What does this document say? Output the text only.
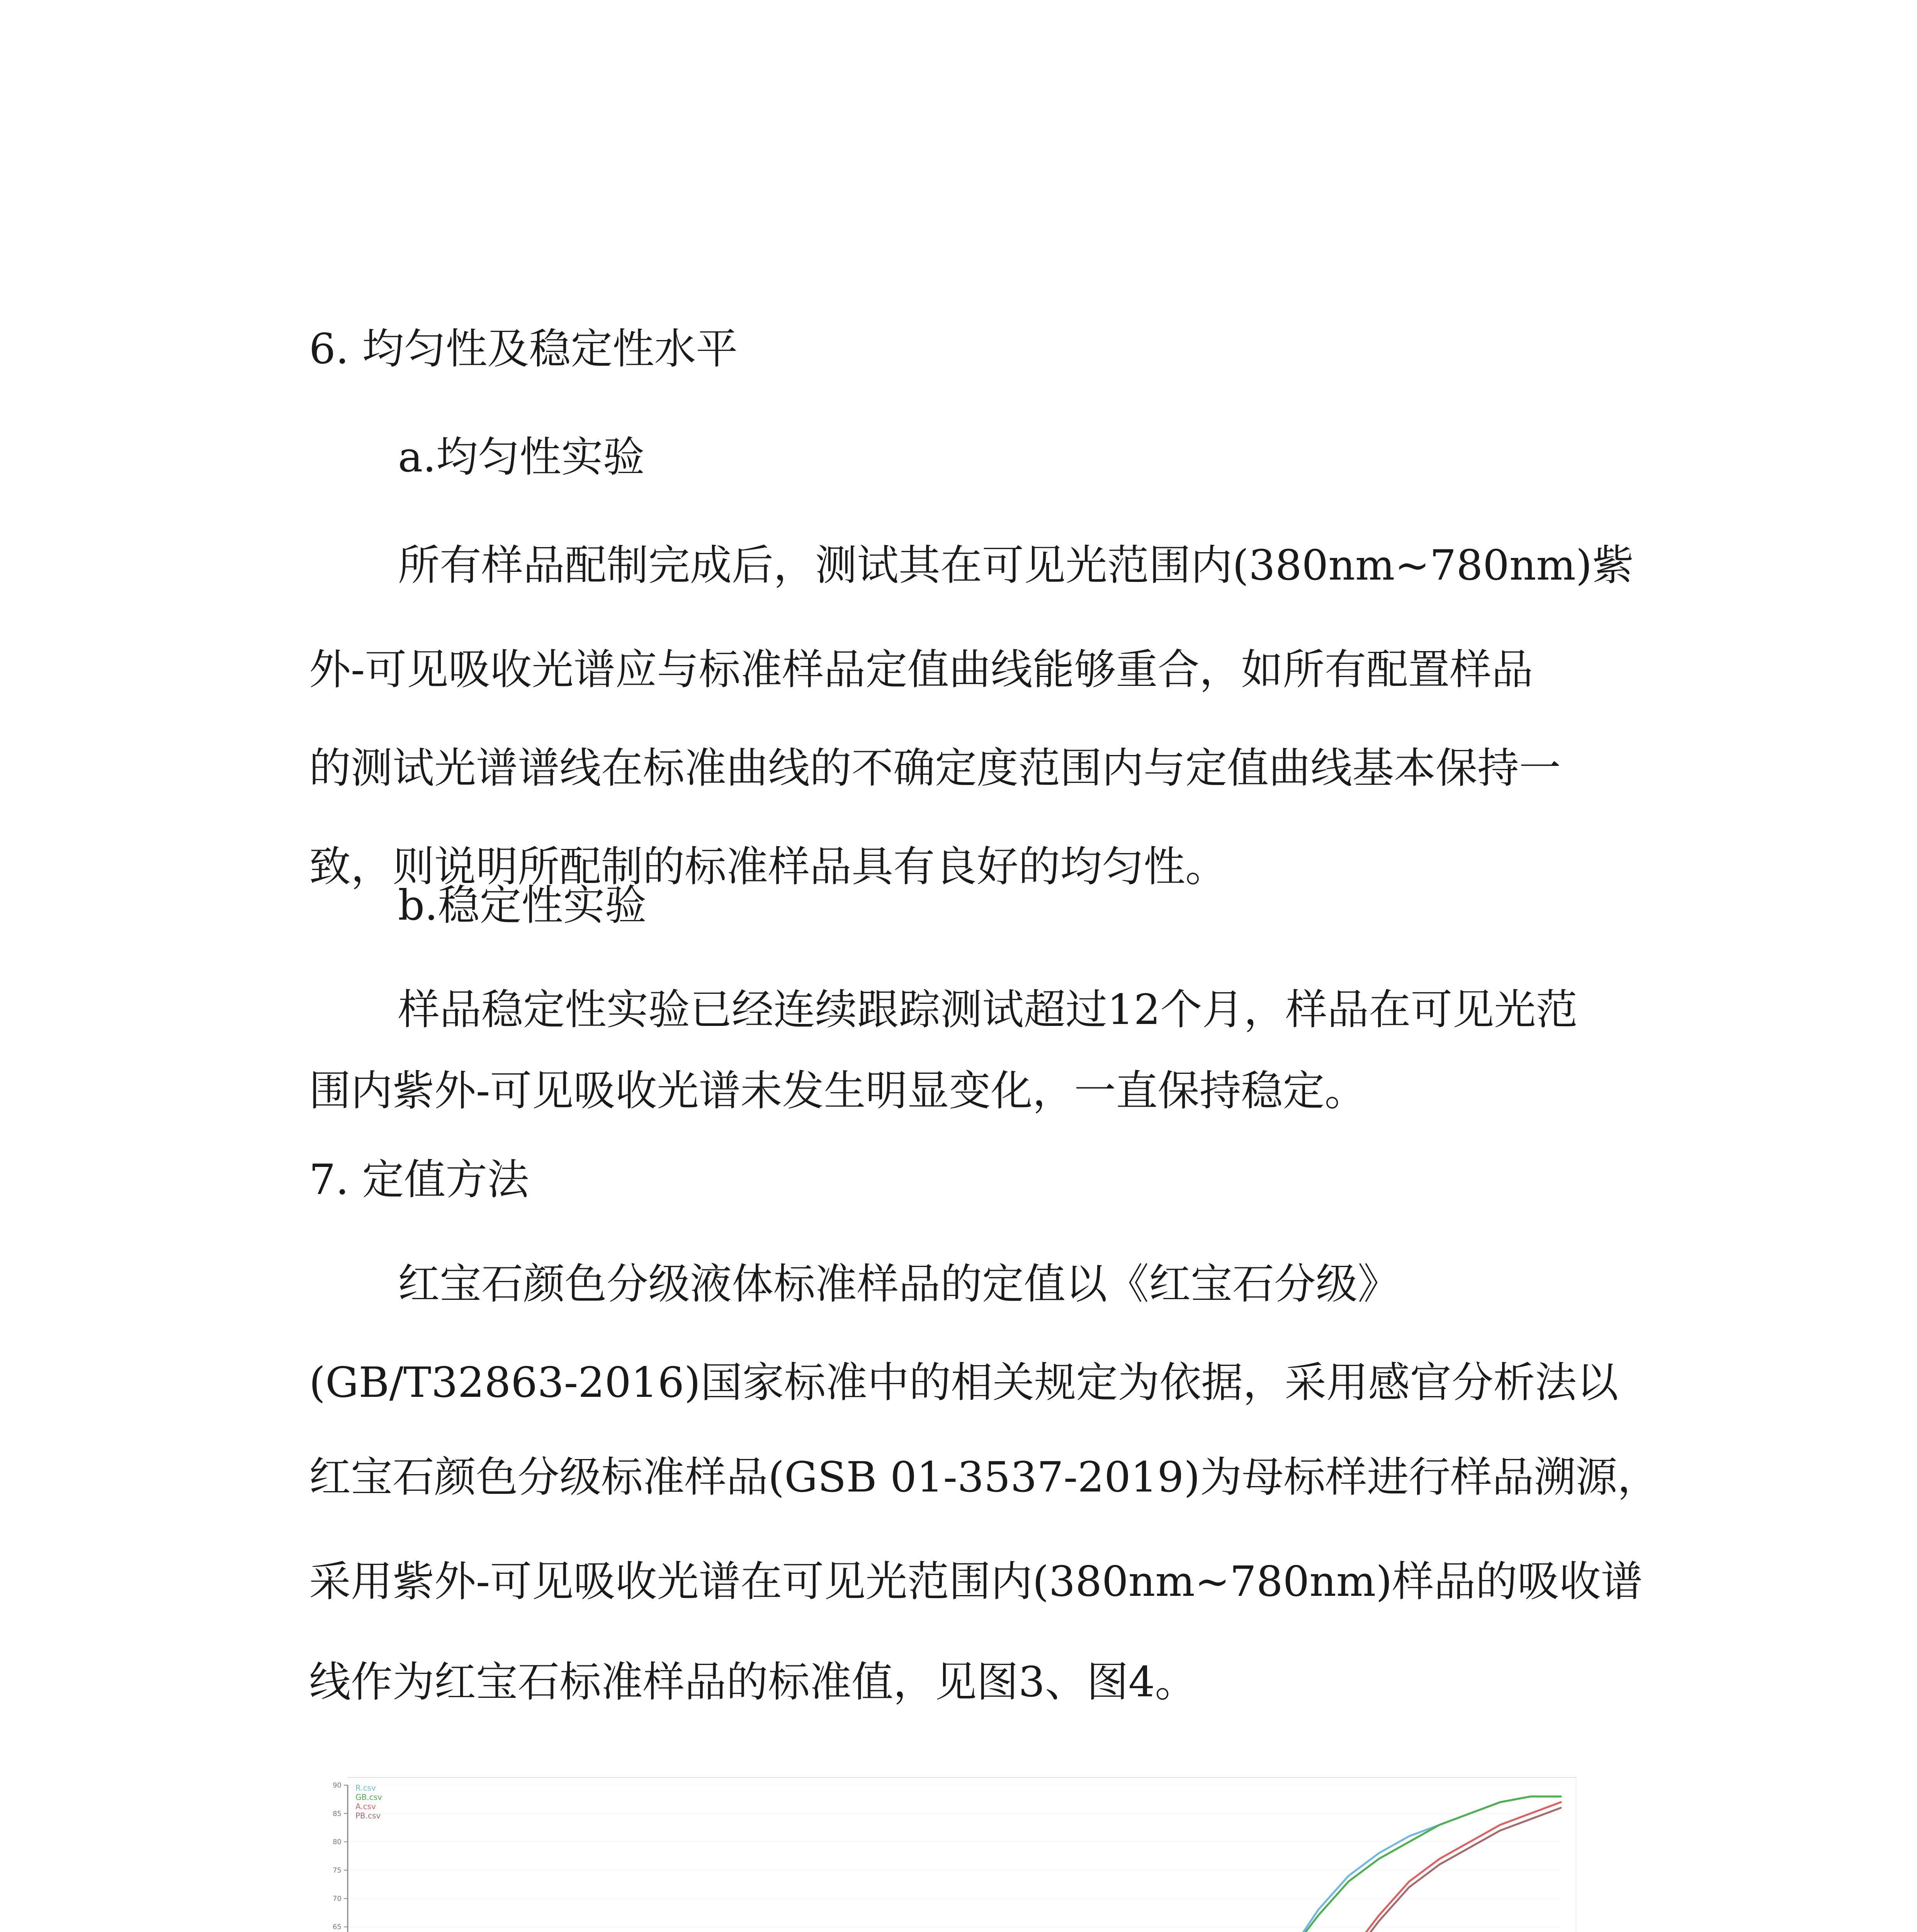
6. 均匀性及稳定性水平

a.均匀性实验

所有样品配制完成后，测试其在可见光范围内(380nm~780nm)紫

外-可见吸收光谱应与标准样品定值曲线能够重合，如所有配置样品

的测试光谱谱线在标准曲线的不确定度范围内与定值曲线基本保持一

致，则说明所配制的标准样品具有良好的均匀性。

b.稳定性实验

样品稳定性实验已经连续跟踪测试超过12个月，样品在可见光范

围内紫外-可见吸收光谱未发生明显变化，一直保持稳定。

7. 定值方法

红宝石颜色分级液体标准样品的定值以《红宝石分级》

(GB/T32863-2016)国家标准中的相关规定为依据，采用感官分析法以

红宝石颜色分级标准样品(GSB 01-3537-2019)为母标样进行样品溯源，

采用紫外-可见吸收光谱在可见光范围内(380nm~780nm)样品的吸收谱

线作为红宝石标准样品的标准值，见图3、图4。

65
70
75
80
85
90 R.csv
GB.csv
A.csv
PB.csv
